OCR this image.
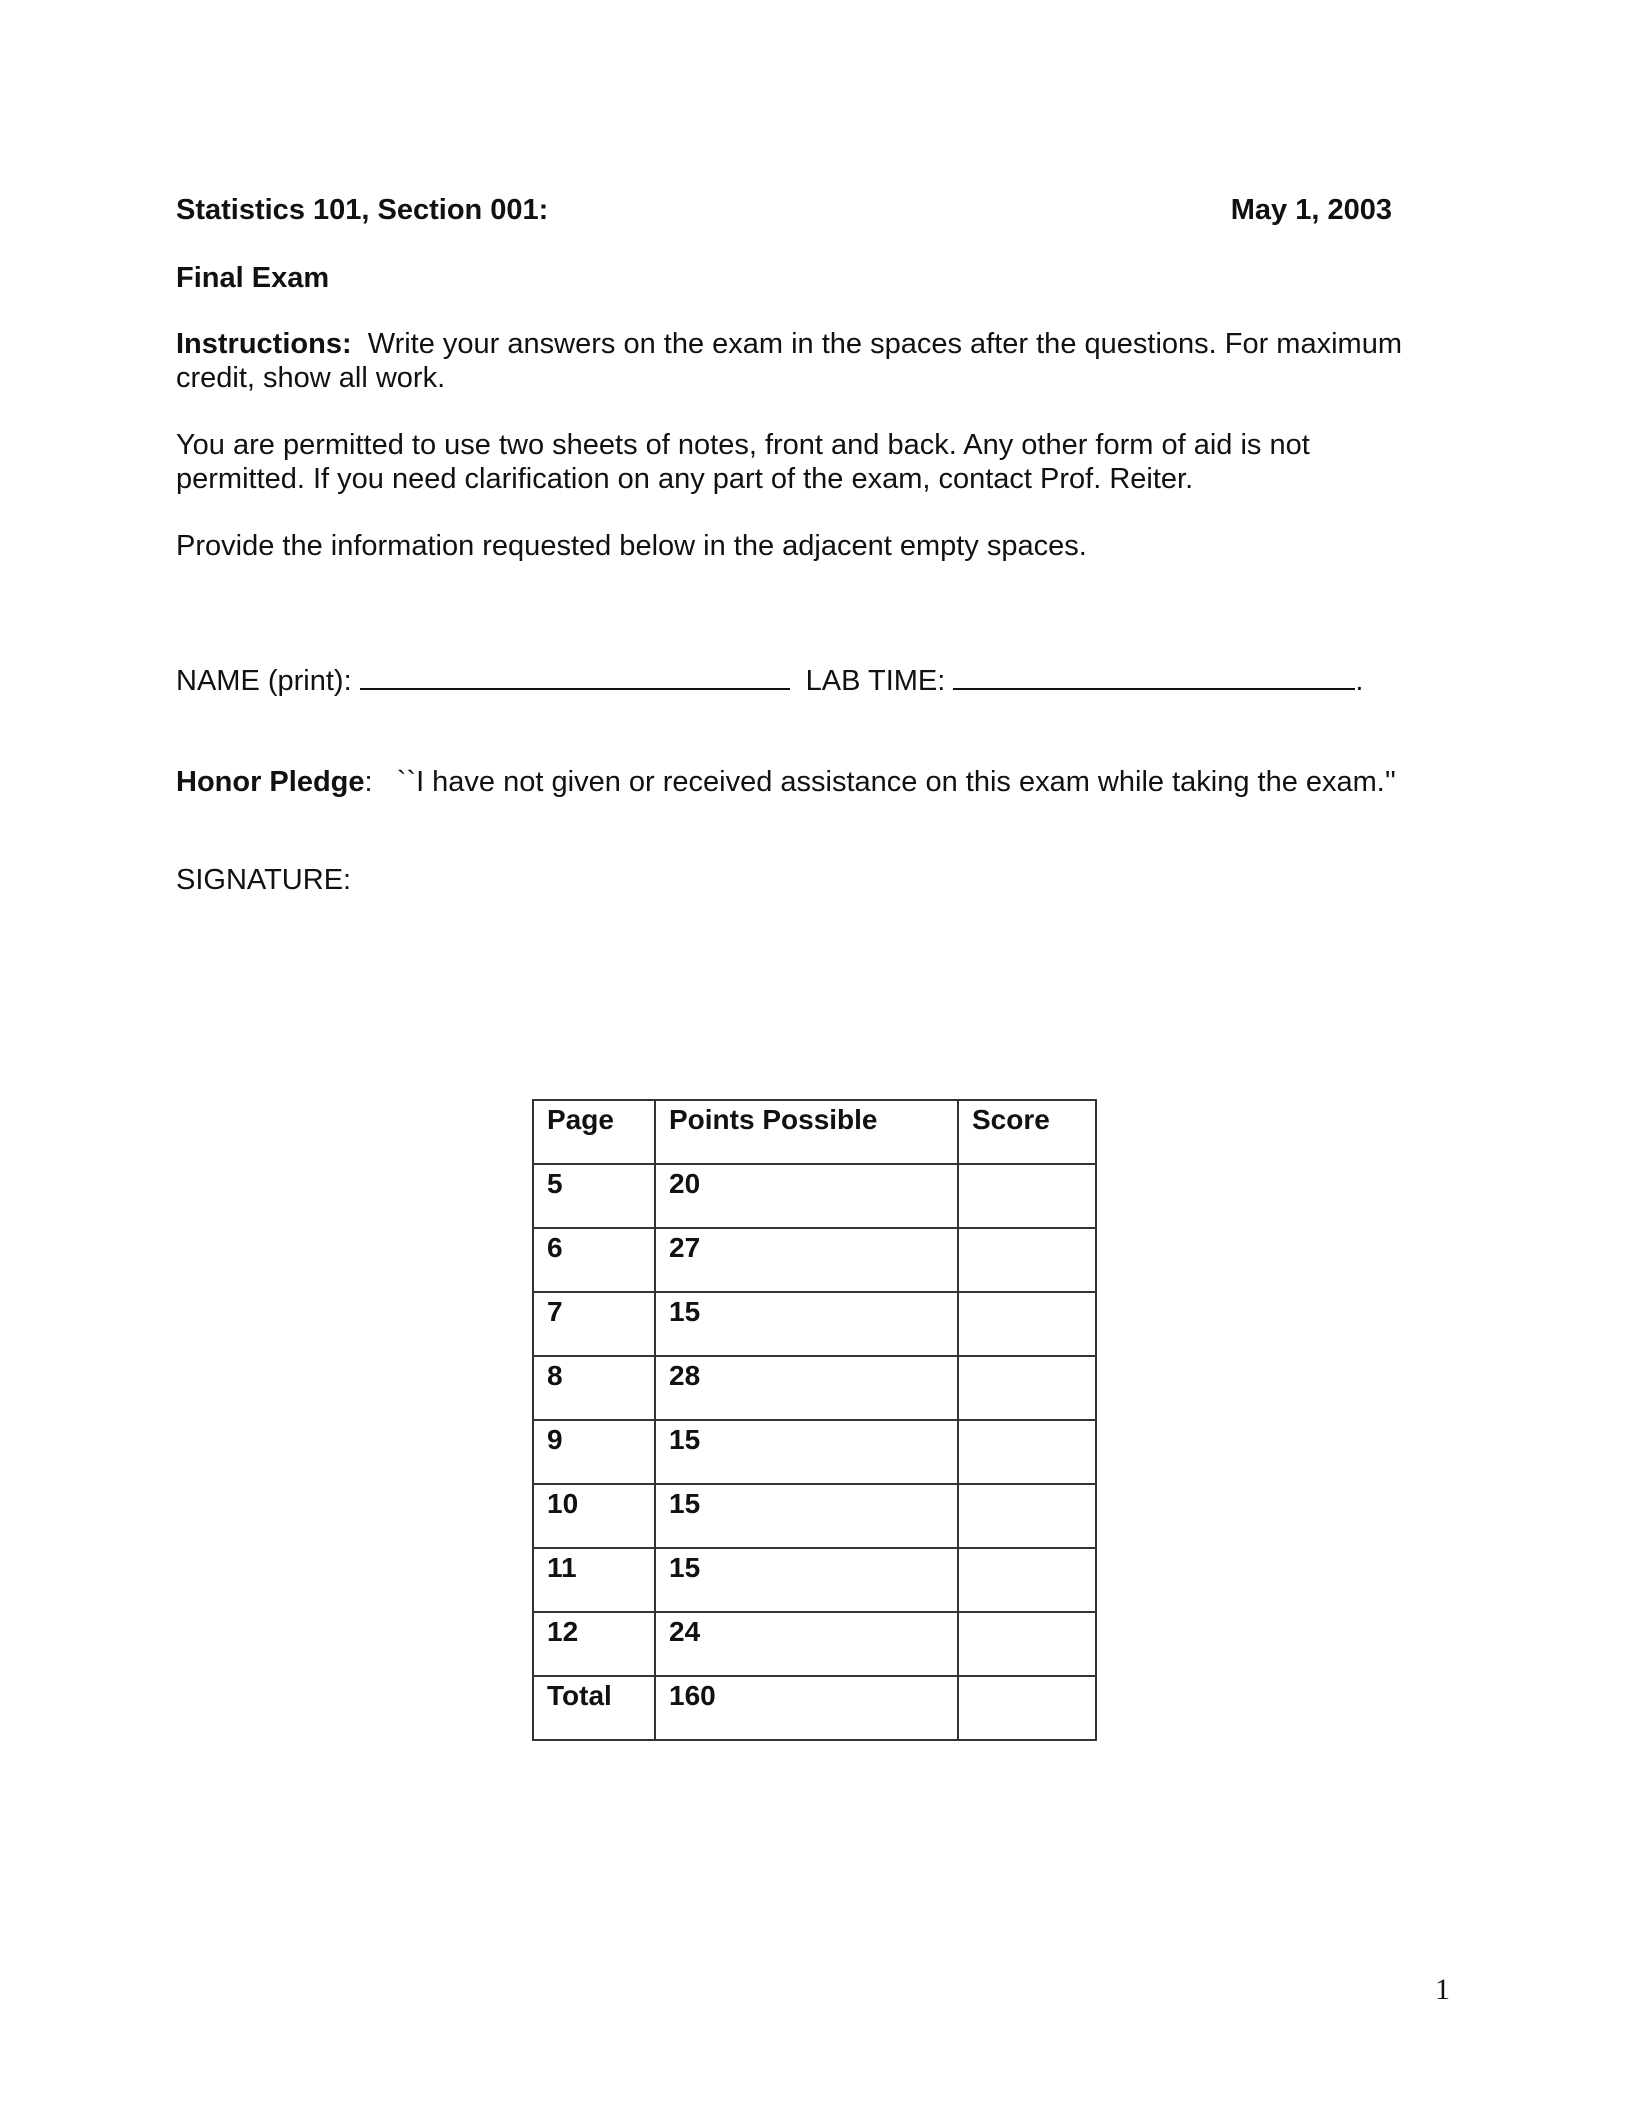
Statistics 101, Section 001:	May 1, 2003
Final Exam
Instructions:  Write your answers on the exam in the spaces after the questions. For maximum credit, show all work.
You are permitted to use two sheets of notes, front and back. Any other form of aid is not permitted. If you need clarification on any part of the exam, contact Prof. Reiter.
Provide the information requested below in the adjacent empty spaces.
NAME (print):	LAB TIME:	.
Honor Pledge:   ``I have not given or received assistance on this exam while taking the exam.''
SIGNATURE:
Page	Points Possible	Score
5	20	
6	27	
7	15	
8	28	
9	15	
10	15	
11	15	
12	24	
Total	160	
1
